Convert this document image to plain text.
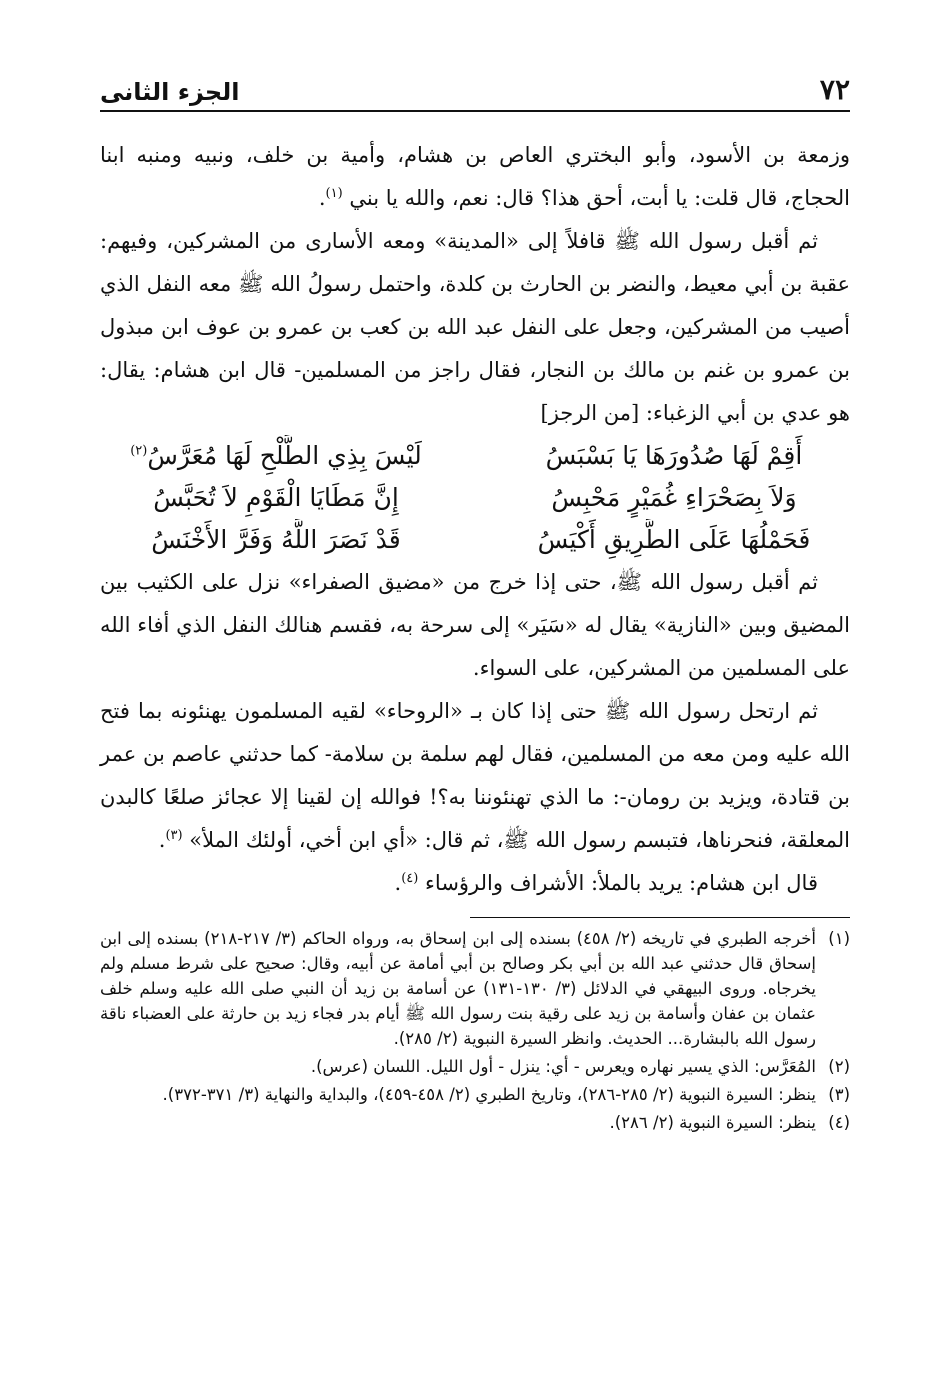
٧٢
الجزء الثانى

وزمعة بن الأسود، وأبو البختري العاص بن هشام، وأمية بن خلف، ونبيه ومنبه ابنا الحجاج، قال قلت: يا أبت، أحق هذا؟ قال: نعم، والله يا بني $^{(١)}$.

ثم أقبل رسول الله ﷺ قافلاً إلى «المدينة» ومعه الأسارى من المشركين، وفيهم: عقبة بن أبي معيط، والنضر بن الحارث بن كلدة، واحتمل رسولُ الله ﷺ معه النفل الذي أصيب من المشركين، وجعل على النفل عبد الله بن كعب بن عمرو بن عوف ابن مبذول بن عمرو بن غنم بن مالك بن النجار، فقال راجز من المسلمين- قال ابن هشام: يقال: هو عدي بن أبي الزغباء: [من الرجز]

أَقِمْ لَهَا صُدُورَهَا يَا بَسْبَسُ
لَيْسَ بِذِي الطَّلْحِ لَهَا مُعَرَّسُ$^{(٢)}$
وَلاَ بِصَحْرَاءِ غُمَيْرٍ مَحْبِسُ
إِنَّ مَطَايَا الْقَوْمِ لاَ تُحَبَّسُ
فَحَمْلُهَا عَلَى الطَّرِيقِ أَكْيَسُ
قَدْ نَصَرَ اللَّهُ وَفَرَّ الأَخْنَسُ

ثم أقبل رسول الله ﷺ، حتى إذا خرج من «مضيق الصفراء» نزل على الكثيب بين المضيق وبين «النازية» يقال له «سَيَر» إلى سرحة به، فقسم هنالك النفل الذي أفاء الله على المسلمين من المشركين، على السواء.

ثم ارتحل رسول الله ﷺ حتى إذا كان بـ «الروحاء» لقيه المسلمون يهنئونه بما فتح الله عليه ومن معه من المسلمين، فقال لهم سلمة بن سلامة- كما حدثني عاصم بن عمر بن قتادة، ويزيد بن رومان-: ما الذي تهنئوننا به؟! فوالله إن لقينا إلا عجائز صلعًا كالبدن المعلقة، فنحرناها، فتبسم رسول الله ﷺ، ثم قال: «أي ابن أخي، أولئك الملأ» $^{(٣)}$.

قال ابن هشام: يريد بالملأ: الأشراف والرؤساء $^{(٤)}$.

(١)
أخرجه الطبري في تاريخه (٢/ ٤٥٨) بسنده إلى ابن إسحاق به، ورواه الحاكم (٣/ ٢١٧-٢١٨) بسنده إلى ابن إسحاق قال حدثني عبد الله بن أبي بكر وصالح بن أبي أمامة عن أبيه، وقال: صحيح على شرط مسلم ولم يخرجاه. وروى البيهقي في الدلائل (٣/ ١٣٠-١٣١) عن أسامة بن زيد أن النبي صلى الله عليه وسلم خلف عثمان بن عفان وأسامة بن زيد على رقية بنت رسول الله ﷺ أيام بدر فجاء زيد بن حارثة على العضباء ناقة رسول الله بالبشارة... الحديث. وانظر السيرة النبوية (٢/ ٢٨٥).
(٢)
المُعَرَّس: الذي يسير نهاره ويعرس - أي: ينزل - أول الليل. اللسان (عرس).
(٣)
ينظر: السيرة النبوية (٢/ ٢٨٥-٢٨٦)، وتاريخ الطبري (٢/ ٤٥٨-٤٥٩)، والبداية والنهاية (٣/ ٣٧١-٣٧٢).
(٤)
ينظر: السيرة النبوية (٢/ ٢٨٦).
